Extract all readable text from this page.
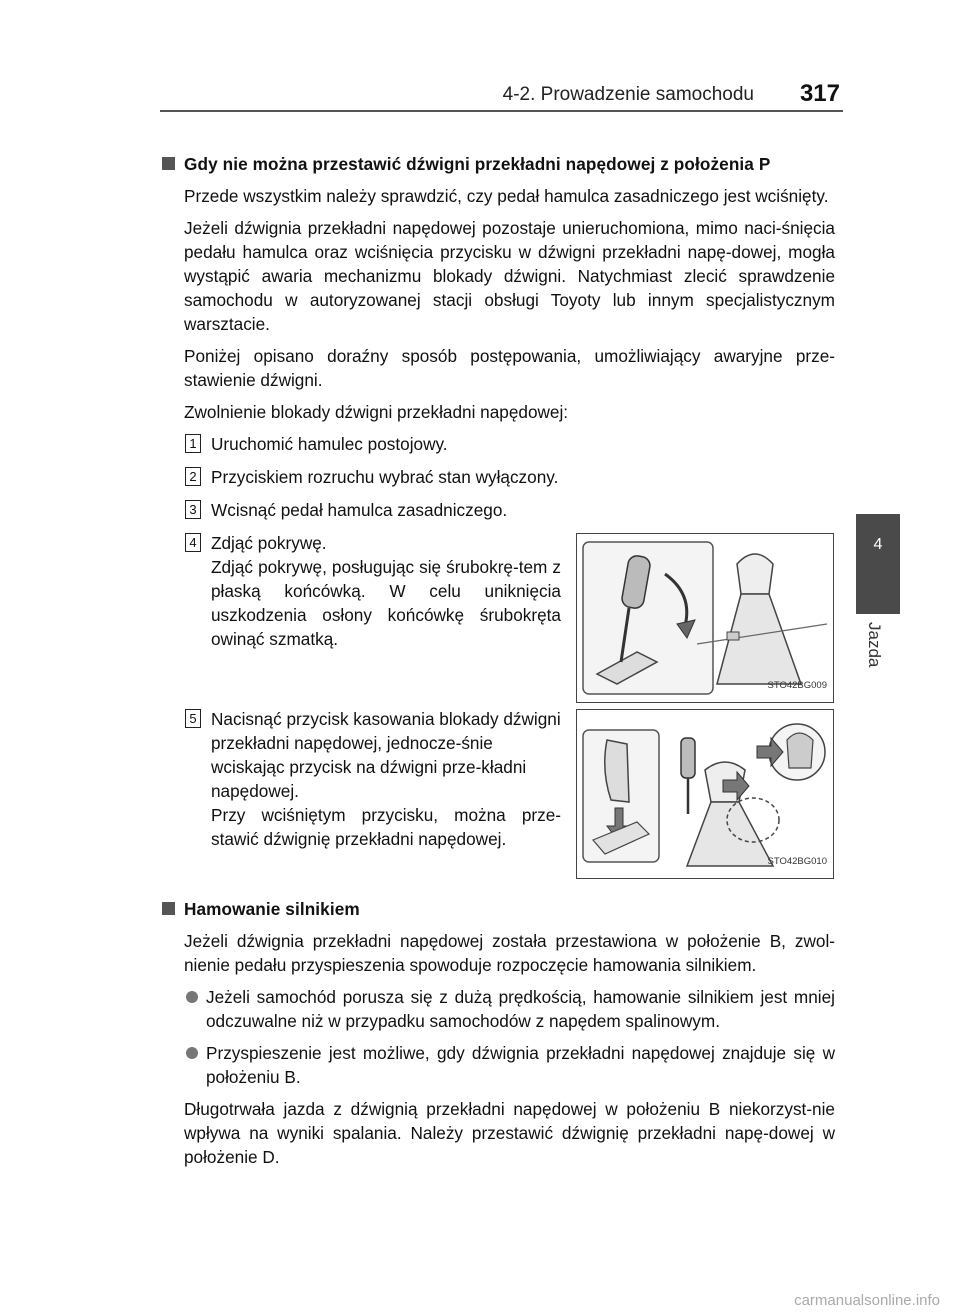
4-2. Prowadzenie samochodu 317
4
Jazda
Gdy nie można przestawić dźwigni przekładni napędowej z położenia P

Przede wszystkim należy sprawdzić, czy pedał hamulca zasadniczego jest wciśnięty.

Jeżeli dźwignia przekładni napędowej pozostaje unieruchomiona, mimo naci-śnięcia pedału hamulca oraz wciśnięcia przycisku w dźwigni przekładni napę-dowej, mogła wystąpić awaria mechanizmu blokady dźwigni. Natychmiast zlecić sprawdzenie samochodu w autoryzowanej stacji obsługi Toyoty lub innym specjalistycznym warsztacie.

Poniżej opisano doraźny sposób postępowania, umożliwiający awaryjne prze-stawienie dźwigni.

Zwolnienie blokady dźwigni przekładni napędowej:

1 Uruchomić hamulec postojowy.
2 Przyciskiem rozruchu wybrać stan wyłączony.
3 Wcisnąć pedał hamulca zasadniczego.
4 Zdjąć pokrywę.
Zdjąć pokrywę, posługując się śrubokrę-tem z płaską końcówką. W celu uniknięcia uszkodzenia osłony końcówkę śrubokręta owinąć szmatką.
STO42BG009
5 Nacisnąć przycisk kasowania blokady dźwigni przekładni napędowej, jednocze-śnie wciskając przycisk na dźwigni prze-kładni napędowej.
Przy wciśniętym przycisku, można prze-stawić dźwignię przekładni napędowej.
STO42BG010
Hamowanie silnikiem

Jeżeli dźwignia przekładni napędowej została przestawiona w położenie B, zwol-nienie pedału przyspieszenia spowoduje rozpoczęcie hamowania silnikiem.

Jeżeli samochód porusza się z dużą prędkością, hamowanie silnikiem jest mniej odczuwalne niż w przypadku samochodów z napędem spalinowym.
Przyspieszenie jest możliwe, gdy dźwignia przekładni napędowej znajduje się w położeniu B.

Długotrwała jazda z dźwignią przekładni napędowej w położeniu B niekorzyst-nie wpływa na wyniki spalania. Należy przestawić dźwignię przekładni napę-dowej w położenie D.

carmanualsonline.info
